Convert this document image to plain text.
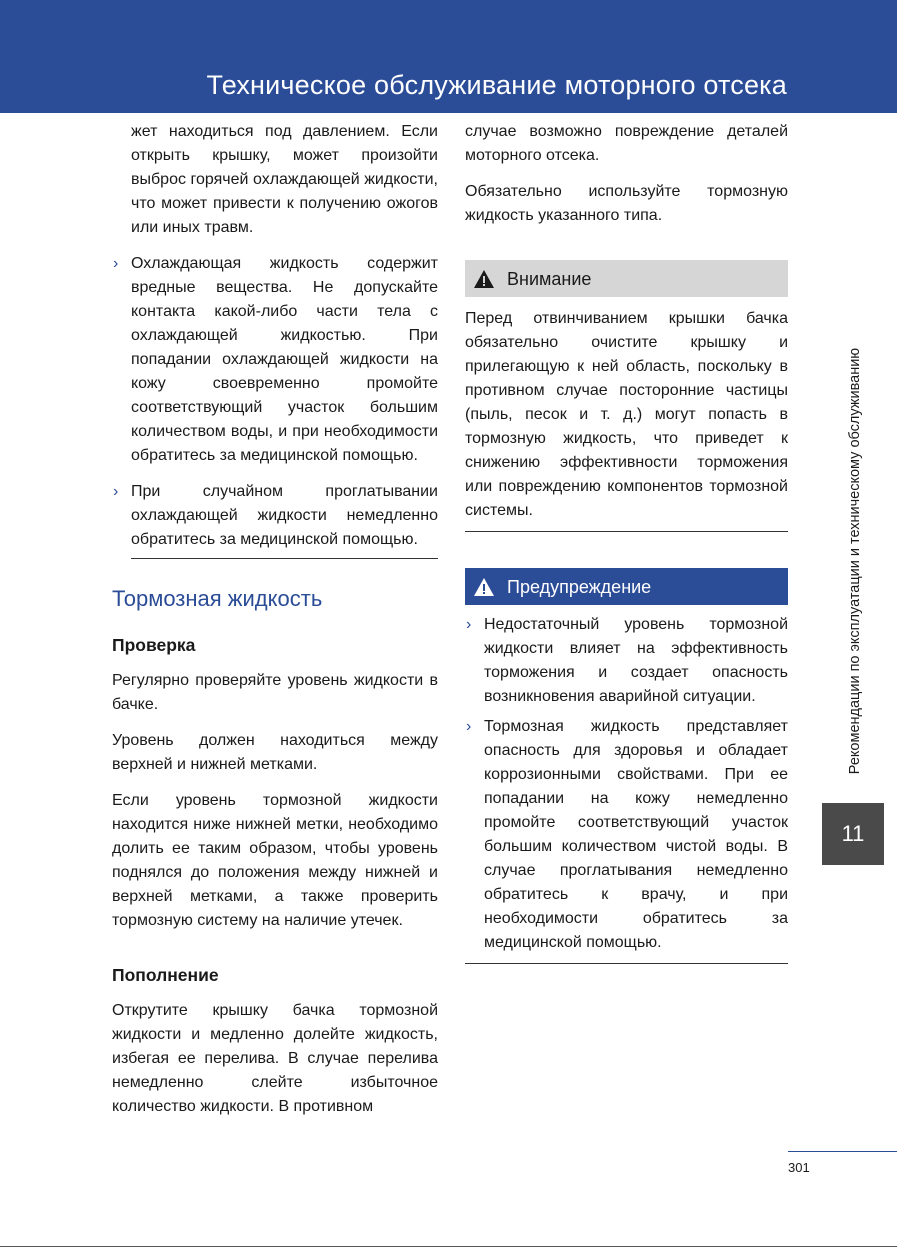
Техническое обслуживание моторного отсека

жет находиться под давлением. Если открыть крышку, может произойти выброс горячей охлаждающей жидкости, что может привести к получению ожогов или иных травм.

› Охлаждающая жидкость содержит вредные вещества. Не допускайте контакта какой-либо части тела с охлаждающей жидкостью. При попадании охлаждающей жидкости на кожу своевременно промойте соответствующий участок большим количеством воды, и при необходимости обратитесь за медицинской помощью.

› При случайном проглатывании охлаждающей жидкости немедленно обратитесь за медицинской помощью.

Тормозная жидкость
Проверка

Регулярно проверяйте уровень жидкости в бачке.

Уровень должен находиться между верхней и нижней метками.

Если уровень тормозной жидкости находится ниже нижней метки, необходимо долить ее таким образом, чтобы уровень поднялся до положения между нижней и верхней метками, а также проверить тормозную систему на наличие утечек.

Пополнение

Открутите крышку бачка тормозной жидкости и медленно долейте жидкость, избегая ее перелива. В случае перелива немедленно слейте избыточное количество жидкости. В противном

случае возможно повреждение деталей моторного отсека.

Обязательно используйте тормозную жидкость указанного типа.

Внимание

Перед отвинчиванием крышки бачка обязательно очистите крышку и прилегающую к ней область, поскольку в противном случае посторонние частицы (пыль, песок и т. д.) могут попасть в тормозную жидкость, что приведет к снижению эффективности торможения или повреждению компонентов тормозной системы.

Предупреждение

› Недостаточный уровень тормозной жидкости влияет на эффективность торможения и создает опасность возникновения аварийной ситуации.

› Тормозная жидкость представляет опасность для здоровья и обладает коррозионными свойствами. При ее попадании на кожу немедленно промойте соответствующий участок большим количеством чистой воды. В случае проглатывания немедленно обратитесь к врачу, и при необходимости обратитесь за медицинской помощью.

Рекомендации по эксплуатации и техническому обслуживанию
11
301
